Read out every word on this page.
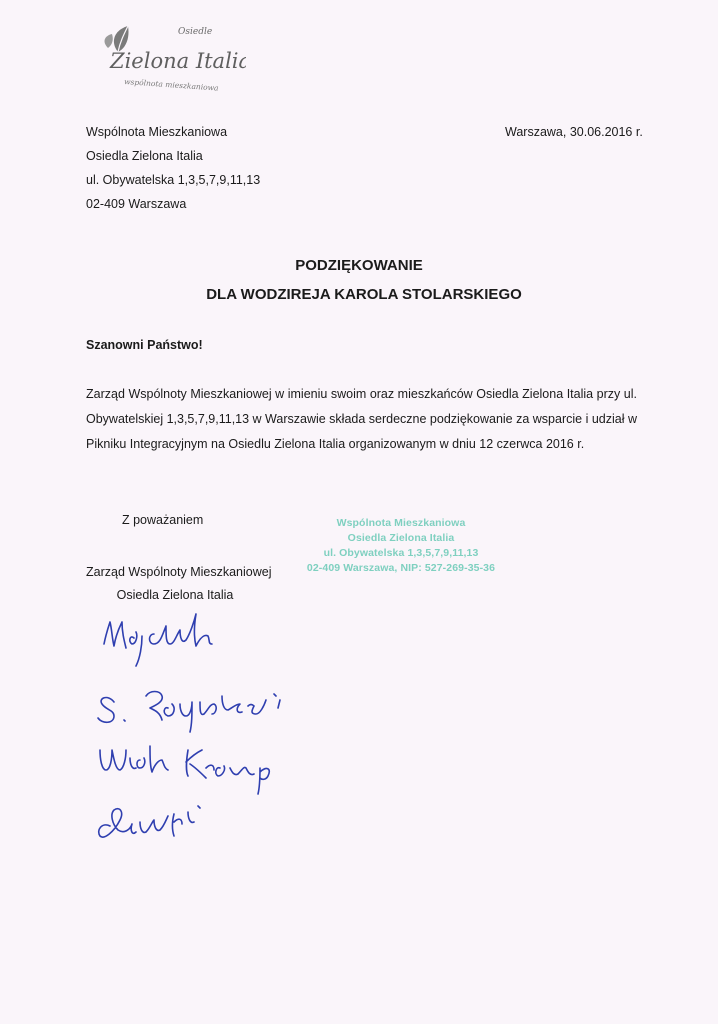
Osiedle
Zielona Italia
wspólnota mieszkaniowa
Wspólnota Mieszkaniowa
Osiedla Zielona Italia
ul. Obywatelska 1,3,5,7,9,11,13
02-409 Warszawa
Warszawa, 30.06.2016 r.
PODZIĘKOWANIE
DLA WODZIREJA KAROLA STOLARSKIEGO
Szanowni Państwo!
Zarząd Wspólnoty Mieszkaniowej w imieniu swoim oraz mieszkańców Osiedla Zielona Italia przy ul. Obywatelskiej 1,3,5,7,9,11,13 w Warszawie składa serdeczne podziękowanie za wsparcie i udział w Pikniku Integracyjnym na Osiedlu Zielona Italia organizowanym w dniu 12 czerwca 2016 r.
Z poważaniem
Zarząd Wspólnoty Mieszkaniowej
Osiedla Zielona Italia
Wspólnota Mieszkaniowa
Osiedla Zielona Italia
ul. Obywatelska 1,3,5,7,9,11,13
02-409 Warszawa, NIP: 527-269-35-36
